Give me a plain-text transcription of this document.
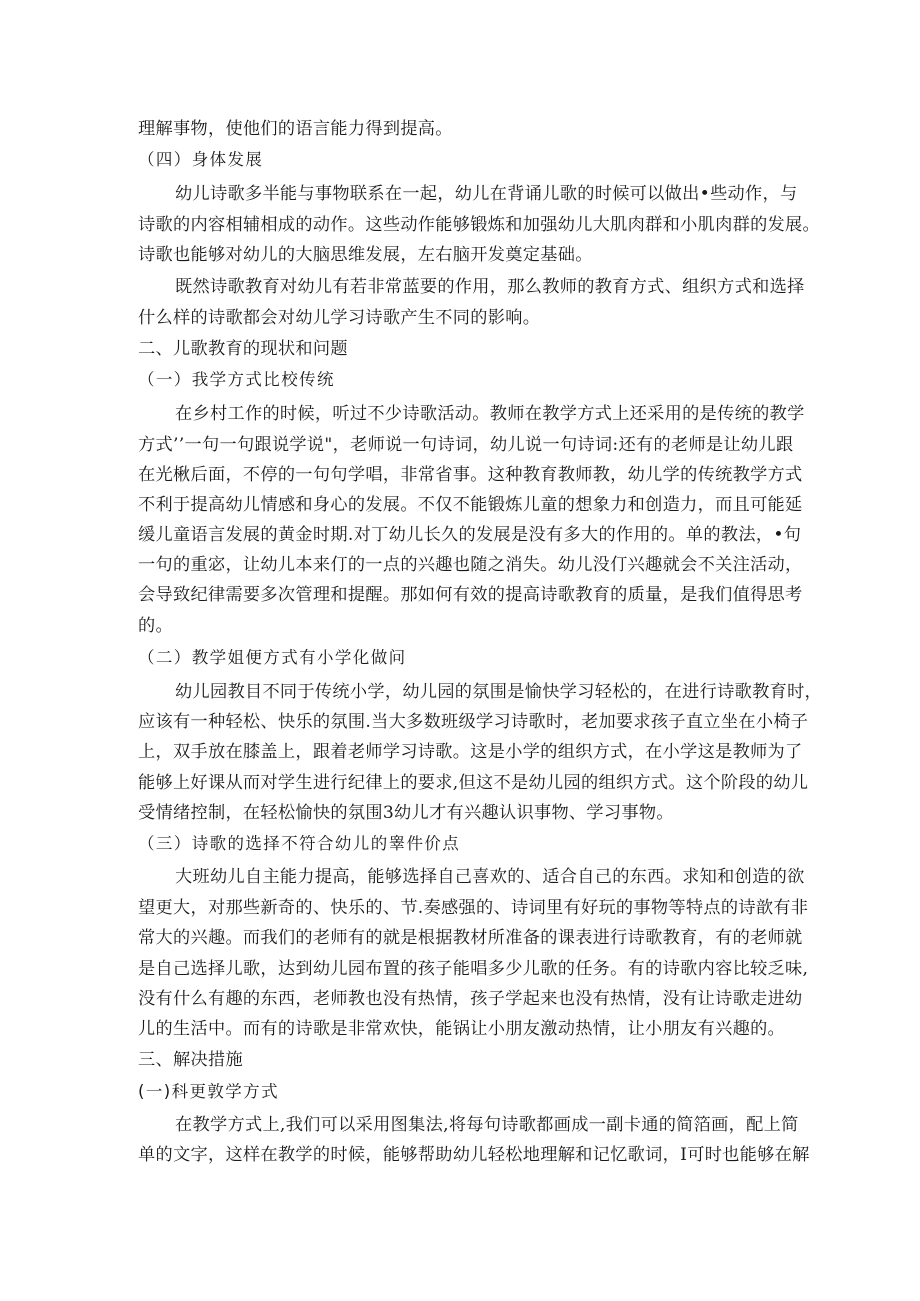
理解事物，使他们的语言能力得到提高。
（四）身体发展
幼儿诗歌多半能与事物联系在一起，幼儿在背诵儿歌的时候可以做出•些动作，与
诗歌的内容相辅相成的动作。这些动作能够锻炼和加强幼儿大肌肉群和小肌肉群的发展。
诗歌也能够对幼儿的大脑思维发展，左右脑开发奠定基础。
既然诗歌教育对幼儿有若非常蓝要的作用，那么教师的教育方式、组织方式和选择
什么样的诗歌都会对幼儿学习诗歌产生不同的影响。
二、儿歌教育的现状和问题
（一）我学方式比校传统
在乡村工作的时候，听过不少诗歌活动。教师在教学方式上还采用的是传统的教学
方式’’一句一句跟说学说"，老师说一句诗词，幼儿说一句诗词:还有的老师是让幼儿跟
在光楸后面，不停的一句句学唱，非常省事。这种教育教师教，幼儿学的传统教学方式
不利于提高幼儿情感和身心的发展。不仅不能锻炼儿童的想象力和创造力，而且可能延
缓儿童语言发展的黄金时期.对丁幼儿长久的发展是没有多大的作用的。单的教法，•句
一句的重宓，让幼儿本来仃的一点的兴趣也随之消失。幼儿没仃兴趣就会不关注活动，
会导致纪律需要多次管理和提醒。那如何有效的提高诗歌教育的质量，是我们值得思考
的。
（二）教学姐便方式有小学化做问
幼儿园教目不同于传统小学，幼儿园的氛围是愉快学习轻松的，在进行诗歌教育时，
应该有一种轻松、快乐的氛围.当大多数班级学习诗歌时，老加要求孩子直立坐在小椅子
上，双手放在膝盖上，跟着老师学习诗歌。这是小学的组织方式，在小学这是教师为了
能够上好课从而对学生进行纪律上的要求,但这不是幼儿园的组织方式。这个阶段的幼儿
受情绪控制，在轻松愉快的氛围3幼儿才有兴趣认识事物、学习事物。
（三）诗歌的选择不符合幼儿的睾件价点
大班幼儿自主能力提高，能够选择自己喜欢的、适合自己的东西。求知和创造的欲
望更大，对那些新奇的、快乐的、节.奏感强的、诗词里有好玩的事物等特点的诗歆有非
常大的兴趣。而我们的老师有的就是根据教材所准备的课表进行诗歌教育，有的老师就
是自己选择儿歌，达到幼儿园布置的孩子能唱多少儿歌的任务。有的诗歌内容比较乏味,
没有什么有趣的东西，老师教也没有热情，孩子学起来也没有热情，没有让诗歌走进幼
儿的生活中。而有的诗歌是非常欢快，能锅让小朋友激动热情，让小朋友有兴趣的。
三、解决措施
(一)科更敦学方式
在教学方式上,我们可以采用图集法,将每句诗歌都画成一副卡通的简箔画，配上简
单的文字，这样在教学的时候，能够帮助幼儿轻松地理解和记忆歌词，I可时也能够在解
